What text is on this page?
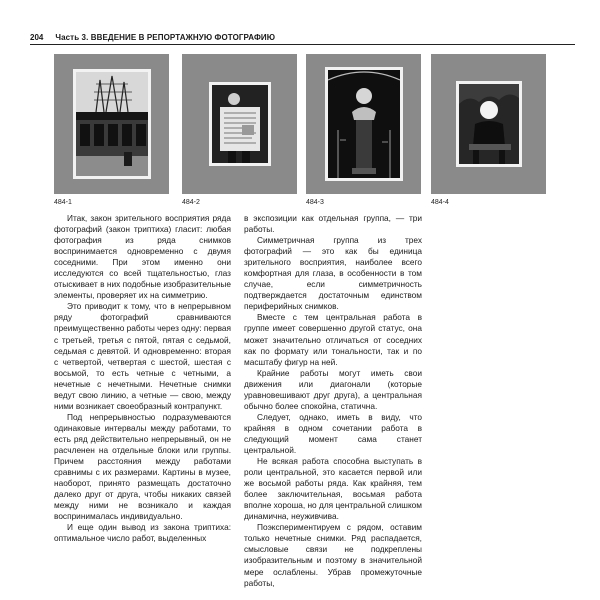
204 Часть 3. ВВЕДЕНИЕ В РЕПОРТАЖНУЮ ФОТОГРАФИЮ
484-1	484-2	484-3	484-4

Итак, закон зрительного восприятия ряда фотографий (закон триптиха) гласит: любая фотография из ряда снимков воспринимается одновременно с двумя соседними. При этом именно они исследуются со всей тщательностью, глаз отыскивает в них подобные изобразительные элементы, проверяет их на симметрию.

Это приводит к тому, что в непрерывном ряду фотографий сравниваются преимущественно работы через одну: первая с третьей, третья с пятой, пятая с седьмой, седьмая с девятой. И одновременно: вторая с четвертой, четвертая с шестой, шестая с восьмой, то есть четные с четными, а нечетные с нечетными. Нечетные снимки ведут свою линию, а четные — свою, между ними возникает своеобразный контрапункт.

Под непрерывностью подразумеваются одинаковые интервалы между работами, то есть ряд действительно непрерывный, он не расчленен на отдельные блоки или группы. Причем расстояния между работами сравнимы с их размерами. Картины в музее, наоборот, принято размещать достаточно далеко друг от друга, чтобы никаких связей между ними не возникало и каждая воспринималась индивидуально.

И еще один вывод из закона триптиха: оптимальное число работ, выделенных

в экспозиции как отдельная группа, — три работы.

Симметричная группа из трех фотографий — это как бы единица зрительного восприятия, наиболее всего комфортная для глаза, в особенности в том случае, если симметричность подтверждается достаточным единством периферийных снимков.

Вместе с тем центральная работа в группе имеет совершенно другой статус, она может значительно отличаться от соседних как по формату или тональности, так и по масштабу фигур на ней.

Крайние работы могут иметь свои движения или диагонали (которые уравновешивают друг друга), а центральная обычно более спокойна, статична.

Следует, однако, иметь в виду, что крайняя в одном сочетании работа в следующий момент сама станет центральной.

Не всякая работа способна выступать в роли центральной, это касается первой или же восьмой работы ряда. Как крайняя, тем более заключительная, восьмая работа вполне хороша, но для центральной слишком динамична, неуживчива.

Поэкспериментируем с рядом, оставим только нечетные снимки. Ряд распадается, смысловые связи не подкреплены изобразительным и поэтому в значительной мере ослаблены. Убрав промежуточные работы,
